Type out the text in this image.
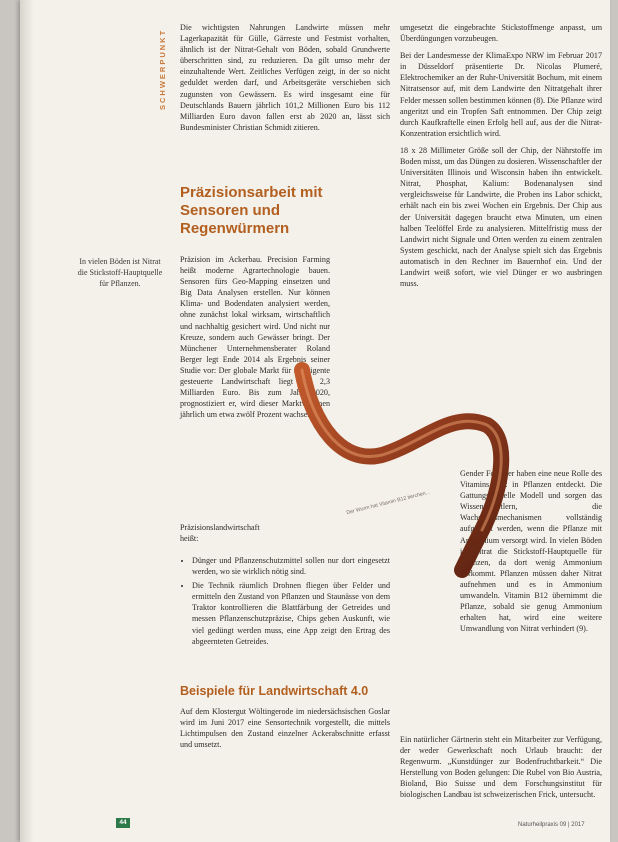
SCHWERPUNKT

Die wichtigsten Nahrungen Landwirte müssen mehr Lagerkapazität für Gülle, Gärreste und Festmist vorhalten, ähnlich ist der Nitrat-Gehalt von Böden, sobald Grundwerte überschritten sind, zu reduzieren. Da gilt umso mehr der einzuhaltende Wert. Zeitliches Verfügen zeigt, in der so nicht geduldet werden darf, und Arbeitsgeräte verschieben sich zugunsten von Gewässern. Es wird insgesamt eine für Deutschlands Bauern jährlich 101,2 Millionen Euro bis 112 Milliarden Euro davon fallen erst ab 2020 an, lässt sich Bundesminister Christian Schmidt zitieren.

Präzisionsarbeit mit Sensoren und Regenwürmern
In vielen Böden ist Nitrat die Stickstoff-Hauptquelle für Pflanzen.

Präzision im Ackerbau. Precision Farming heißt moderne Agrartechnologie bauen. Sensoren fürs Geo-Mapping einsetzen und Big Data Analysen erstellen. Nur können Klima- und Bodendaten analysiert werden, ohne zunächst lokal wirksam, wirtschaftlich und nachhaltig gesichert wird. Und nicht nur Kreuze, sondern auch Gewässer bringt. Der Münchener Unternehmensberater Roland Berger legt Ende 2014 als Ergebnis seiner Studie vor: Der globale Markt für intelligente gesteuerte Landwirtschaft liegt bei 2,3 Milliarden Euro. Bis zum Jahr 2020, prognostiziert er, wird dieser Marktvolumen jährlich um etwa zwölf Prozent wachsen.

Präzisionslandwirtschaft heißt:

• Dünger und Pflanzenschutzmittel sollen nur dort eingesetzt werden, wo sie wirklich nötig sind.
• Die Technik räumlich Drohnen fliegen über Felder und ermitteln den Zustand von Pflanzen und Staunässe von dem Traktor kontrollieren die Blattfärbung der Getreides und messen Pflanzenschutzpräzise, Chips geben Auskunft, wie viel gedüngt werden muss, eine App zeigt den Ertrag des abgeernteten Getreides.
Beispiele für Landwirtschaft 4.0

Auf dem Klostergut Wöltingerode im niedersächsischen Goslar wird im Juni 2017 eine Sensortechnik vorgestellt, die mittels Lichtimpulsen den Zustand einzelner Ackerabschnitte erfasst und umsetzt.

umgesetzt die eingebrachte Stickstoffmenge anpasst, um Überdüngungen vorzubeugen.

Bei der Landesmesse der KlimaExpo NRW im Februar 2017 in Düsseldorf präsentierte Dr. Nicolas Plumeré, Elektrochemiker an der Ruhr-Universität Bochum, mit einem Nitratsensor auf, mit dem Landwirte den Nitratgehalt ihrer Felder messen sollen bestimmen können (8). Die Pflanze wird angeritzt und ein Tropfen Saft entnommen. Der Chip zeigt durch Kaufkraftelle einen Erfolg hell auf, aus der die Nitrat-Konzentration ersichtlich wird.

18 x 28 Millimeter Größe soll der Chip, der Nährstoffe im Boden misst, um das Düngen zu dosieren. Wissenschaftler der Universitäten Illinois und Wisconsin haben ihn entwickelt. Nitrat, Phosphat, Kalium: Bodenanalysen sind vergleichsweise für Landwirte, die Proben ins Labor schickt, erhält nach ein bis zwei Wochen ein Ergebnis. Der Chip aus der Universität dagegen braucht etwa Minuten, um einen halben Teelöffel Erde zu analysieren. Mittelfristig muss der Landwirt nicht Signale und Orten werden zu einem zentralen System geschickt, nach der Analyse spielt sich das Ergebnis automatisch in den Rechner im Bauernhof ein. Und der Landwirt weiß sofort, wie viel Dünger er wo ausbringen muss.

Gender Forscher haben eine neue Rolle des Vitamins B12 in Pflanzen entdeckt. Die Gattungsmodelle Modell und sorgen das Wissenschaftlern, die Wachstumsmechanismen vollständig aufgeklärt werden, wenn die Pflanze mit Ammonium versorgt wird. In vielen Böden ist Nitrat die Stickstoff-Hauptquelle für Pflanzen, da dort wenig Ammonium vorkommt. Pflanzen müssen daher Nitrat aufnehmen und es in Ammonium umwandeln. Vitamin B12 übernimmt die Pflanze, sobald sie genug Ammonium erhalten hat, wird eine weitere Umwandlung von Nitrat verhindert (9).

Ein natürlicher Gärtnerin steht ein Mitarbeiter zur Verfügung, der weder Gewerkschaft noch Urlaub braucht: der Regenwurm. „Kunstdünger zur Bodenfruchtbarkeit.“ Die Herstellung von Boden gelungen: Die Rubel von Bio Austria, Bioland, Bio Suisse und dem Forschungsinstitut für biologischen Landbau ist schweizerischen Frick, untersucht.

Der Wurm hat Vitamin B12 tierchen...
44	Naturheilpraxis 09 | 2017
